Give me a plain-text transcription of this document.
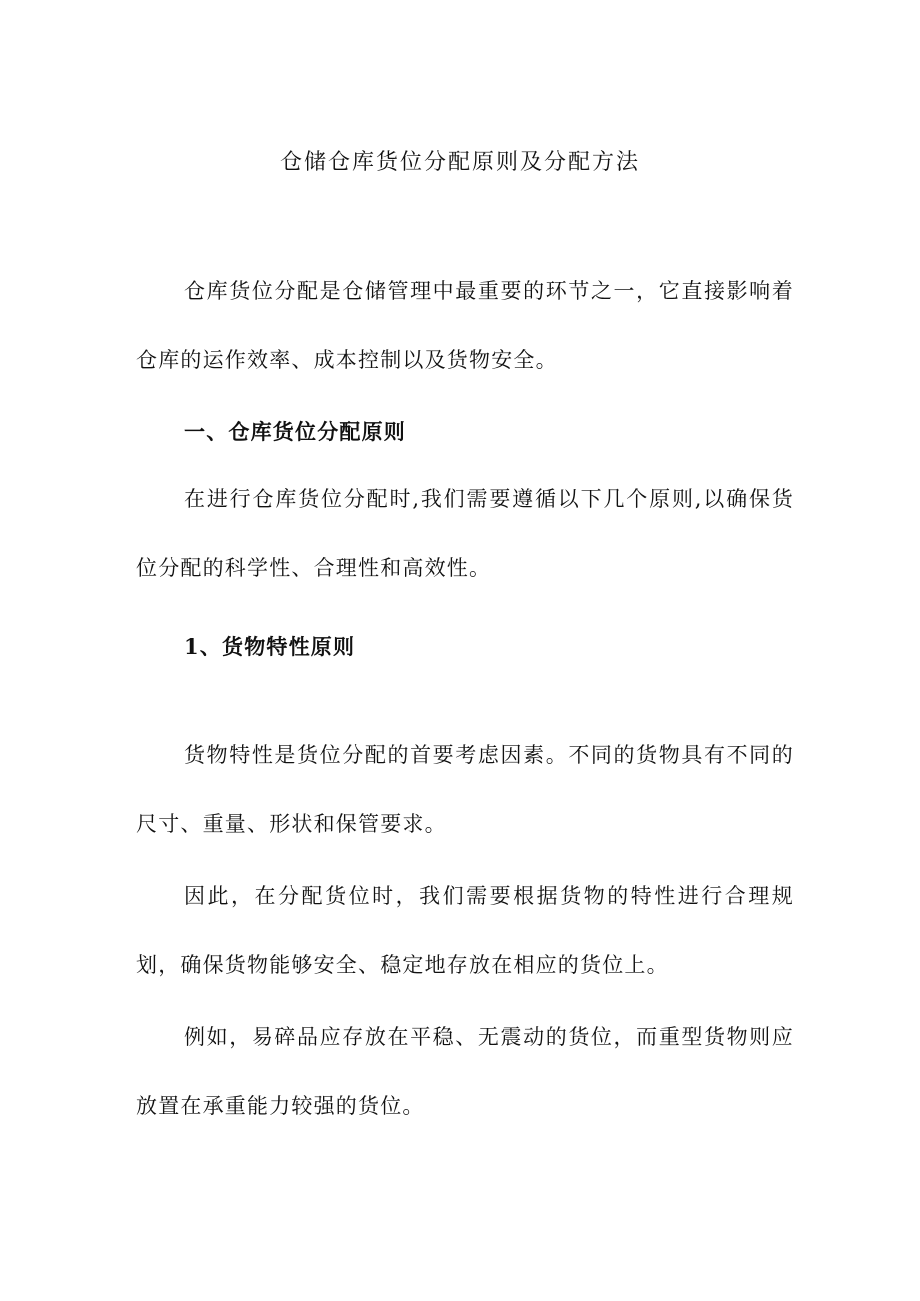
仓储仓库货位分配原则及分配方法

仓库货位分配是仓储管理中最重要的环节之一，它直接影响着仓库的运作效率、成本控制以及货物安全。

一、仓库货位分配原则

在进行仓库货位分配时,我们需要遵循以下几个原则,以确保货位分配的科学性、合理性和高效性。

1、货物特性原则

货物特性是货位分配的首要考虑因素。不同的货物具有不同的尺寸、重量、形状和保管要求。

因此，在分配货位时，我们需要根据货物的特性进行合理规划，确保货物能够安全、稳定地存放在相应的货位上。

例如，易碎品应存放在平稳、无震动的货位，而重型货物则应放置在承重能力较强的货位。
